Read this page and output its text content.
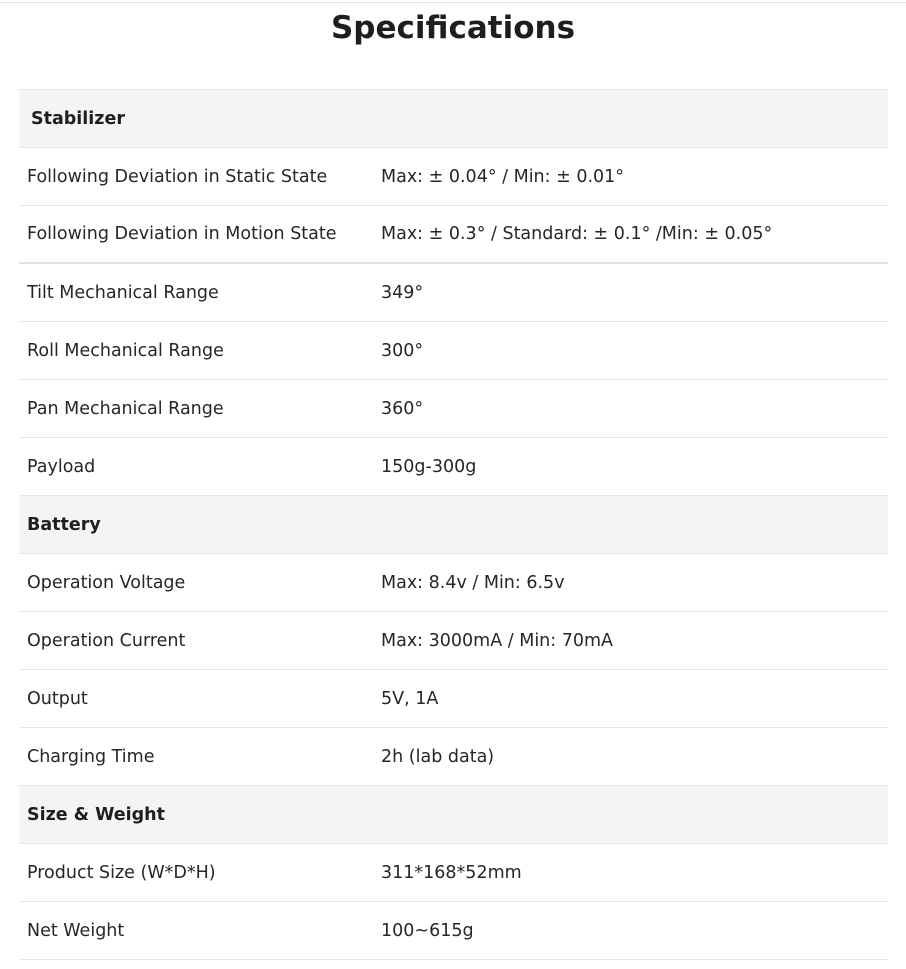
Specifications
Stabilizer
Following Deviation in Static State	Max: ± 0.04° / Min: ± 0.01°
Following Deviation in Motion State	Max: ± 0.3° / Standard: ± 0.1° /Min: ± 0.05°
Tilt Mechanical Range	349°
Roll Mechanical Range	300°
Pan Mechanical Range	360°
Payload	150g-300g
Battery
Operation Voltage	Max: 8.4v / Min: 6.5v
Operation Current	Max: 3000mA / Min: 70mA
Output	5V, 1A
Charging Time	2h (lab data)
Size & Weight
Product Size (W*D*H)	311*168*52mm
Net Weight	100~615g
